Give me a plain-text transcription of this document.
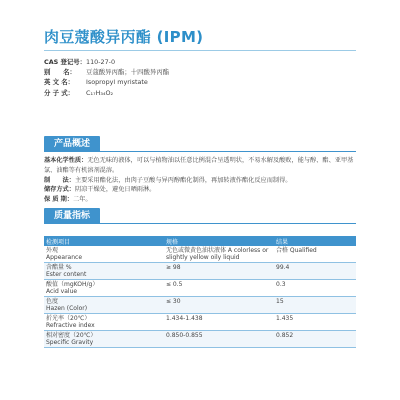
肉豆蔻酸异丙酯 (IPM)
CAS 登记号： 110-27-0
别　　名：	豆蔻酸异丙酯；十四酸异丙酯
英 文 名：	Isopropyl myristate
分 子 式：	C₁₇H₃₄O₂
产品概述

基本化学性质：无色无味的液体，可以与植物油以任意比例混合呈透明状，不易水解及酸败，能与醇、酯、亚甲基氯、油酯等有机溶剂混溶。

制　　法：主要采用酯化法，由肉子豆酸与异丙醇酯化制得，再加转液作酯化反应而制得。

储存方式：阴凉干燥处，避免日晒雨淋。

保 质 期：二年。

质量指标
检测项目	规格	结果

外观
Appearance	无色或微黄色油状液体 A colorless or slightly yellow oily liquid	合格 Qualified

含酯量 %
Ester content	≥ 98	99.4

酸值（mgKOH/g）
Acid value	≤ 0.5	0.3

色度
Hazen (Color)	≤ 30	15

折光率（20℃）
Refractive index	1.434-1.438	1.435

相对密度（20℃）
Specific Gravity	0.850-0.855	0.852
